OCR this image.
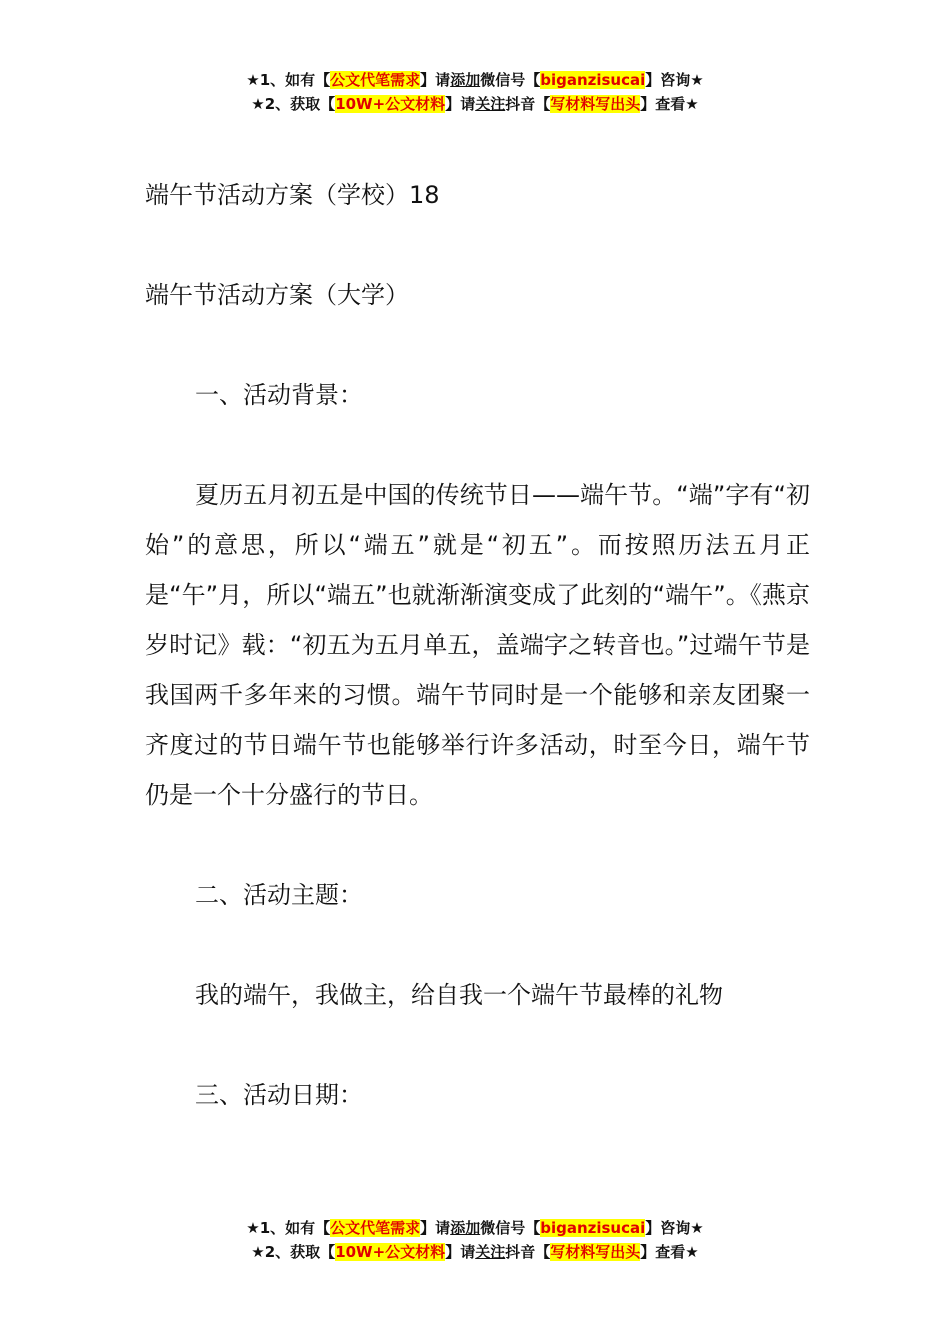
★1、如有【公文代笔需求】请添加微信号【biganzisucai】咨询★
★2、获取【10W+公文材料】请关注抖音【写材料写出头】查看★
端午节活动方案（学校）18
端午节活动方案（大学）
一、活动背景：
夏历五月初五是中国的传统节日——端午节。“端”字有“初始”的意思，所以“端五”就是“初五”。而按照历法五月正是“午”月，所以“端五”也就渐渐演变成了此刻的“端午”。《燕京岁时记》载：“初五为五月单五，盖端字之转音也。”过端午节是我国两千多年来的习惯。端午节同时是一个能够和亲友团聚一齐度过的节日端午节也能够举行许多活动，时至今日，端午节仍是一个十分盛行的节日。
二、活动主题：
我的端午，我做主，给自我一个端午节最棒的礼物
三、活动日期：
★1、如有【公文代笔需求】请添加微信号【biganzisucai】咨询★
★2、获取【10W+公文材料】请关注抖音【写材料写出头】查看★
